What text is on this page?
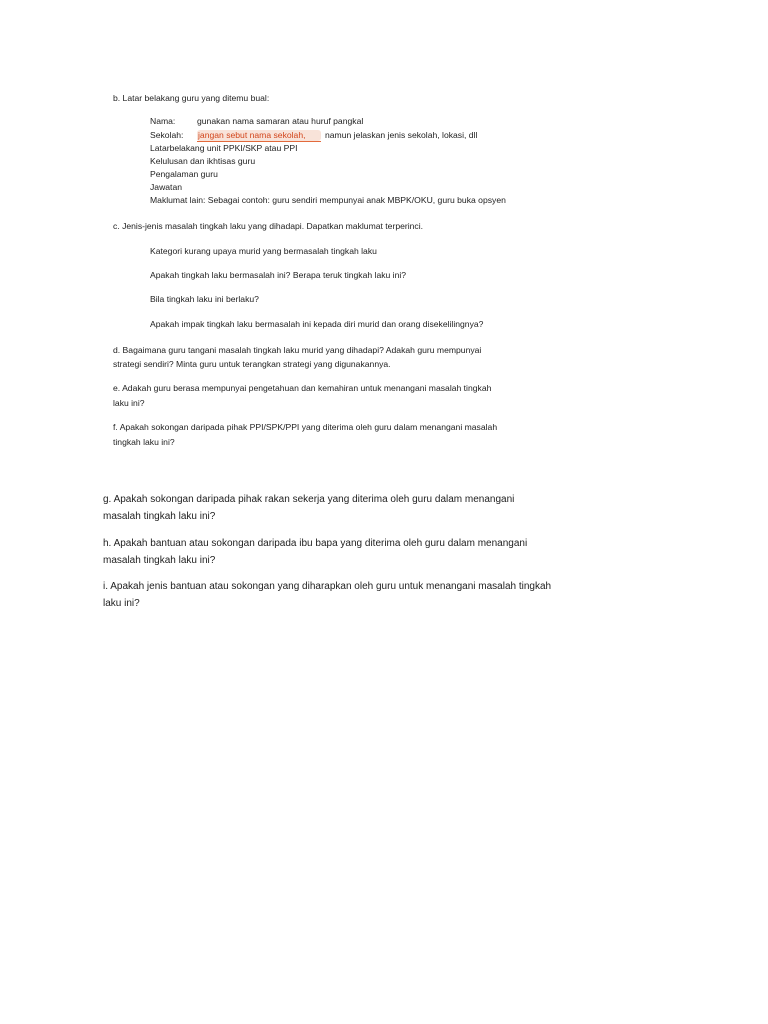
b. Latar belakang guru yang ditemu bual:
Nama:	gunakan nama samaran atau huruf pangkal
Sekolah: jangan sebut nama sekolah, namun jelaskan jenis sekolah, lokasi, dll
Latarbelakang unit PPKI/SKP atau PPI
Kelulusan dan ikhtisas guru
Pengalaman guru
Jawatan
Maklumat lain: Sebagai contoh: guru sendiri mempunyai anak MBPK/OKU, guru buka opsyen
c. Jenis-jenis masalah tingkah laku yang dihadapi. Dapatkan maklumat terperinci.
Kategori kurang upaya murid yang bermasalah tingkah laku
Apakah tingkah laku bermasalah ini? Berapa teruk tingkah laku ini?
Bila tingkah laku ini berlaku?
Apakah impak tingkah laku bermasalah ini kepada diri murid dan orang disekelilingnya?
d. Bagaimana guru tangani masalah tingkah laku murid yang dihadapi? Adakah guru mempunyai
strategi sendiri? Minta guru untuk terangkan strategi yang digunakannya.
e. Adakah guru berasa mempunyai pengetahuan dan kemahiran untuk menangani masalah tingkah
laku ini?
f. Apakah sokongan daripada pihak PPI/SPK/PPI yang diterima oleh guru dalam menangani masalah
tingkah laku ini?
g. Apakah sokongan daripada pihak rakan sekerja yang diterima oleh guru dalam menangani
masalah tingkah laku ini?
h. Apakah bantuan atau sokongan daripada ibu bapa yang diterima oleh guru dalam menangani
masalah tingkah laku ini?
i. Apakah jenis bantuan atau sokongan yang diharapkan oleh guru untuk menangani masalah tingkah
laku ini?
